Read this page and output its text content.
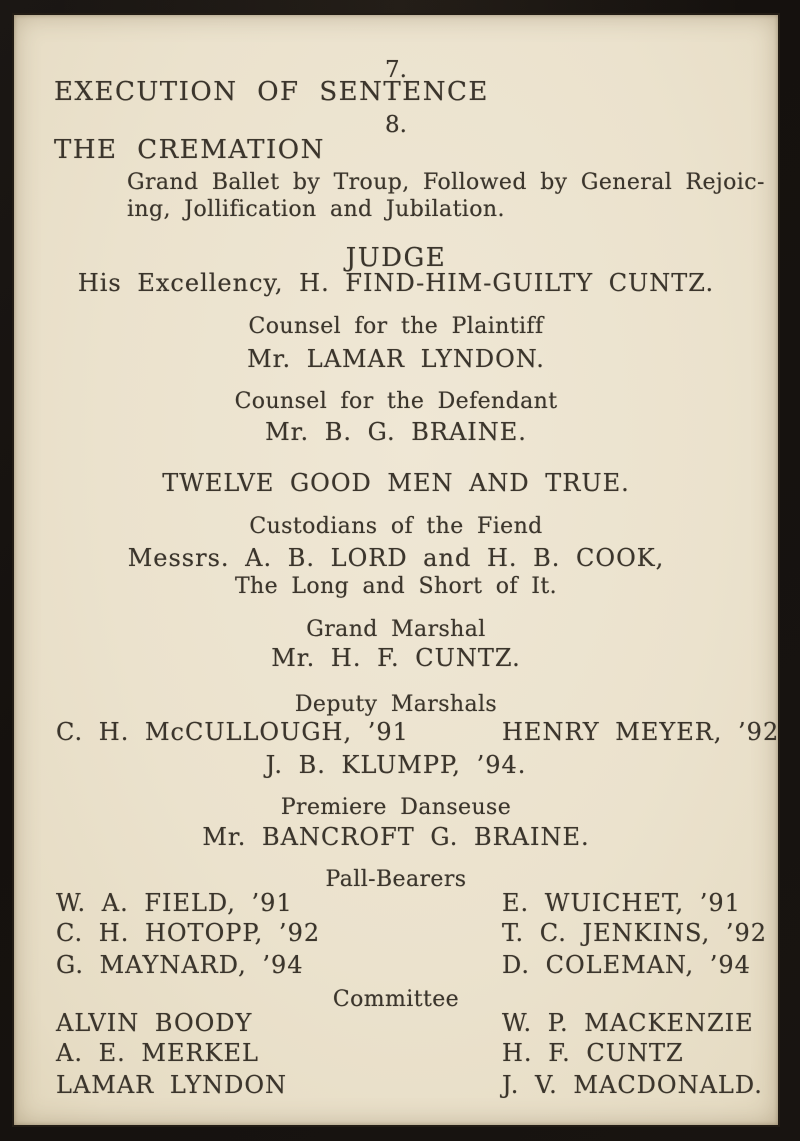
7.
EXECUTION OF SENTENCE
8.
THE CREMATION
Grand Ballet by Troup, Followed by General Rejoic-
ing, Jollification and Jubilation.
JUDGE
His Excellency, H. FIND-HIM-GUILTY CUNTZ.
Counsel for the Plaintiff
Mr. LAMAR LYNDON.
Counsel for the Defendant
Mr. B. G. BRAINE.
TWELVE GOOD MEN AND TRUE.
Custodians of the Fiend
Messrs. A. B. LORD and H. B. COOK,
The Long and Short of It.
Grand Marshal
Mr. H. F. CUNTZ.
Deputy Marshals
C. H. McCULLOUGH, ’91	HENRY MEYER, ’92
J. B. KLUMPP, ’94.
Premiere Danseuse
Mr. BANCROFT G. BRAINE.
Pall-Bearers
W. A. FIELD, ’91	E. WUICHET, ’91
C. H. HOTOPP, ’92	T. C. JENKINS, ’92
G. MAYNARD, ’94	D. COLEMAN, ’94
Committee
ALVIN BOODY	W. P. MACKENZIE
A. E. MERKEL	H. F. CUNTZ
LAMAR LYNDON	J. V. MACDONALD.
